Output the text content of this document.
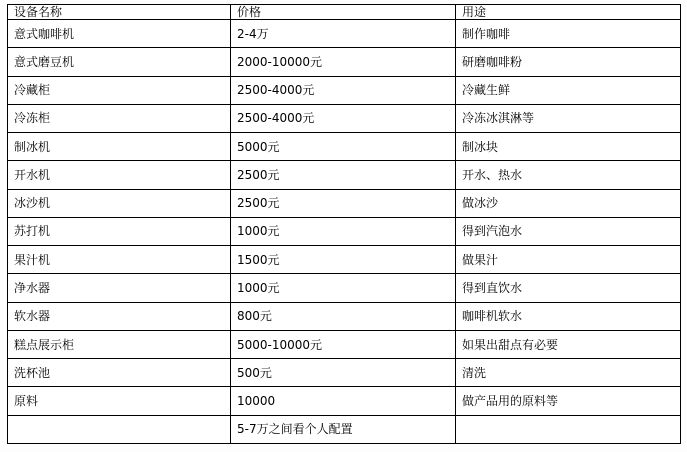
设备名称	价格	用途
意式咖啡机	2-4万	制作咖啡
意式磨豆机	2000-10000元	研磨咖啡粉
冷藏柜	2500-4000元	冷藏生鲜
冷冻柜	2500-4000元	冷冻冰淇淋等
制冰机	5000元	制冰块
开水机	2500元	开水、热水
冰沙机	2500元	做冰沙
苏打机	1000元	得到汽泡水
果汁机	1500元	做果汁
净水器	1000元	得到直饮水
软水器	800元	咖啡机软水
糕点展示柜	5000-10000元	如果出甜点有必要
洗杯池	500元	清洗
原料	10000	做产品用的原料等
	5-7万之间看个人配置	
